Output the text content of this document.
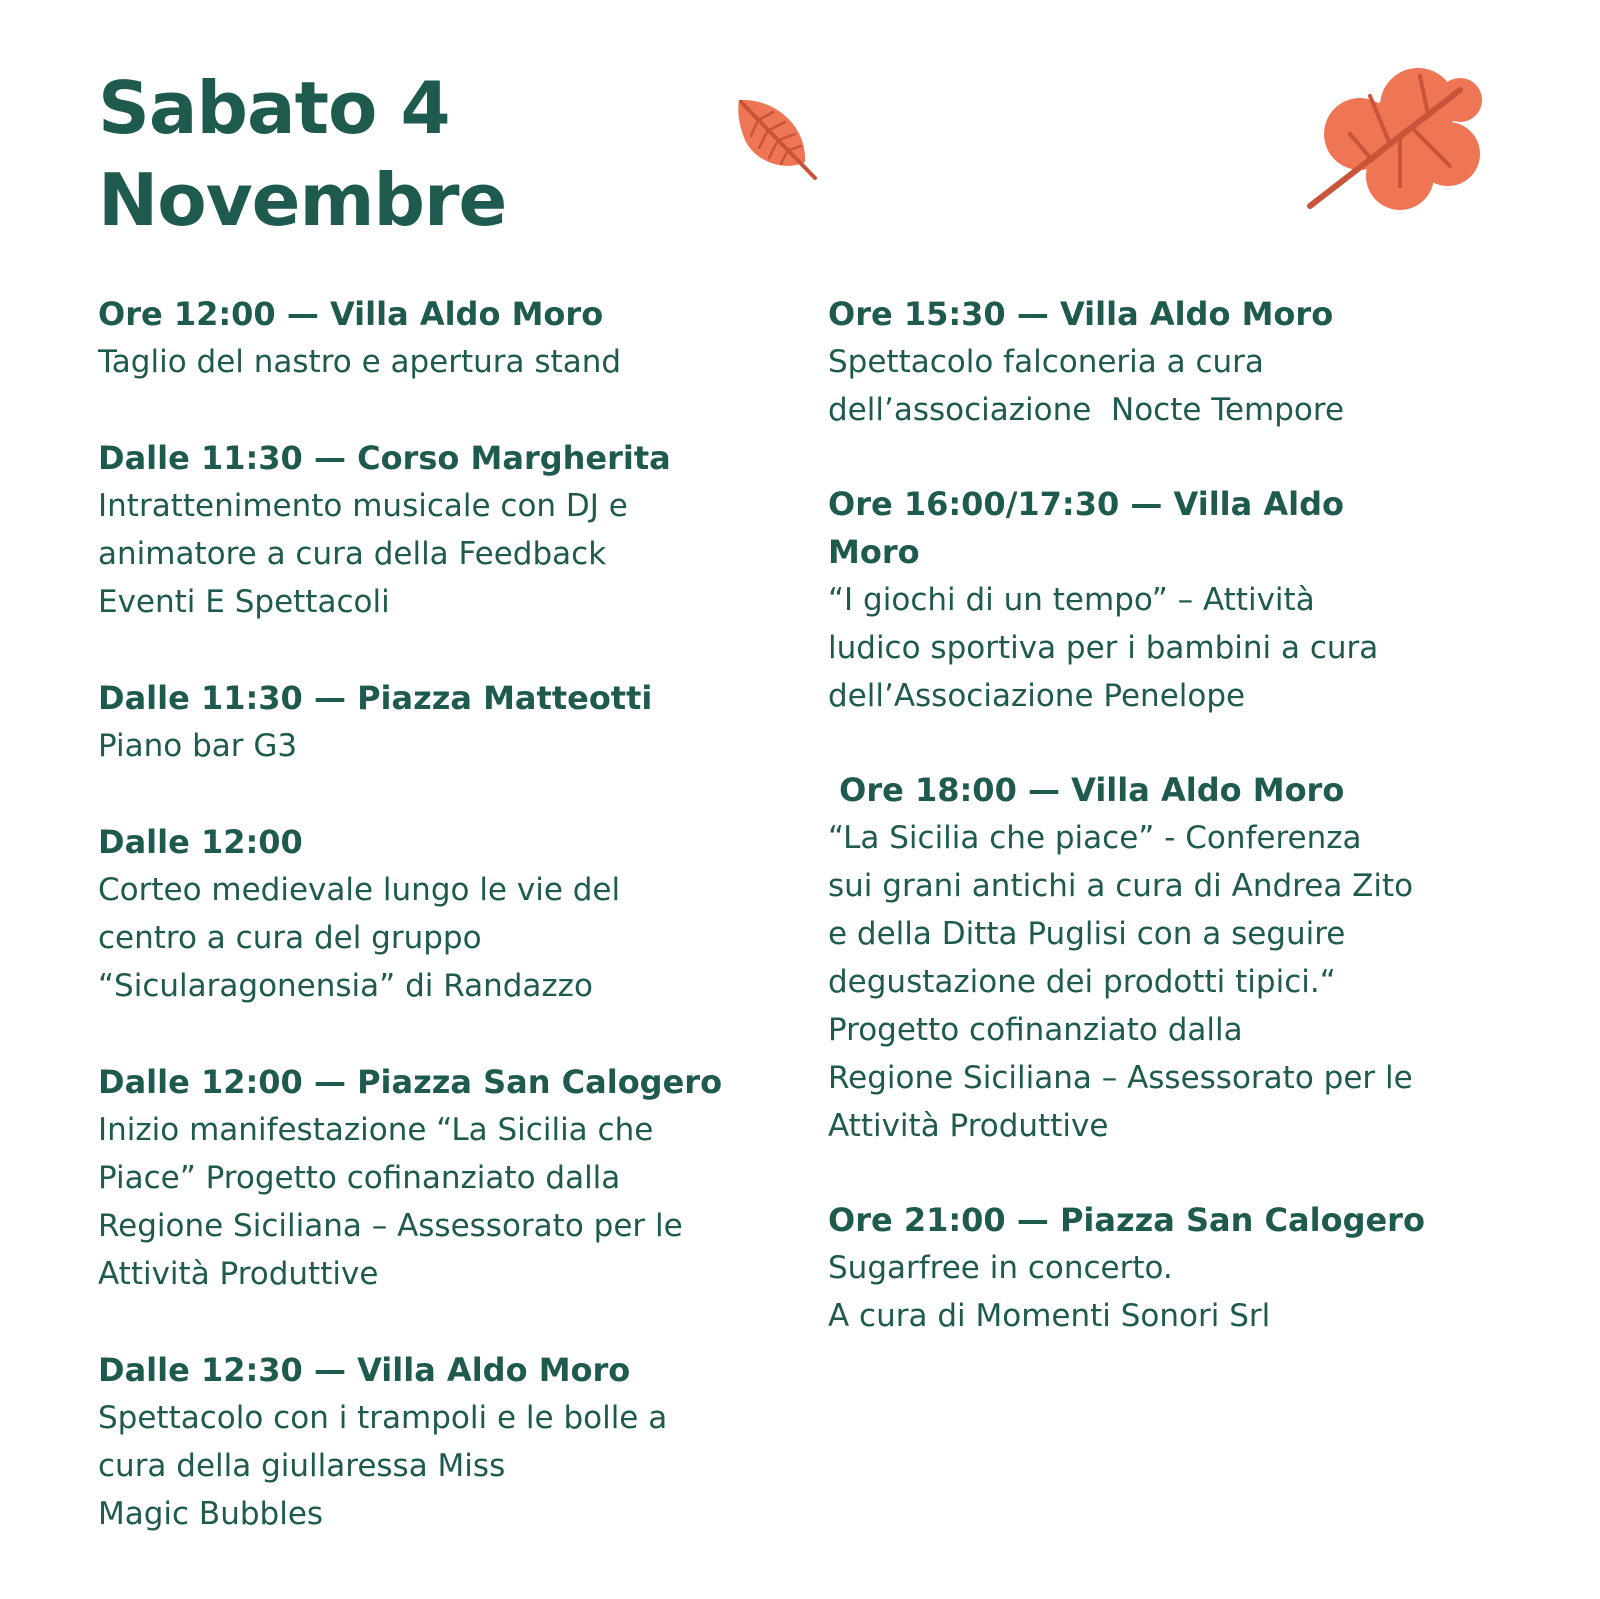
Sabato 4
Novembre
Ore 12:00 — Villa Aldo Moro
Taglio del nastro e apertura stand
Dalle 11:30 — Corso Margherita
Intrattenimento musicale con DJ e
animatore a cura della Feedback
Eventi E Spettacoli
Dalle 11:30 — Piazza Matteotti
Piano bar G3
Dalle 12:00
Corteo medievale lungo le vie del
centro a cura del gruppo
“Sicularagonensia” di Randazzo
Dalle 12:00 — Piazza San Calogero
Inizio manifestazione “La Sicilia che
Piace” Progetto cofinanziato dalla
Regione Siciliana – Assessorato per le
Attività Produttive
Dalle 12:30 — Villa Aldo Moro
Spettacolo con i trampoli e le bolle a
cura della giullaressa Miss
Magic Bubbles
Ore 15:30 — Villa Aldo Moro
Spettacolo falconeria a cura
dell’associazione  Nocte Tempore
Ore 16:00/17:30 — Villa Aldo
Moro
“I giochi di un tempo” – Attività
ludico sportiva per i bambini a cura
dell’Associazione Penelope
Ore 18:00 — Villa Aldo Moro
“La Sicilia che piace” - Conferenza
sui grani antichi a cura di Andrea Zito
e della Ditta Puglisi con a seguire
degustazione dei prodotti tipici.“
Progetto cofinanziato dalla
Regione Siciliana – Assessorato per le
Attività Produttive
Ore 21:00 — Piazza San Calogero
Sugarfree in concerto.
A cura di Momenti Sonori Srl
